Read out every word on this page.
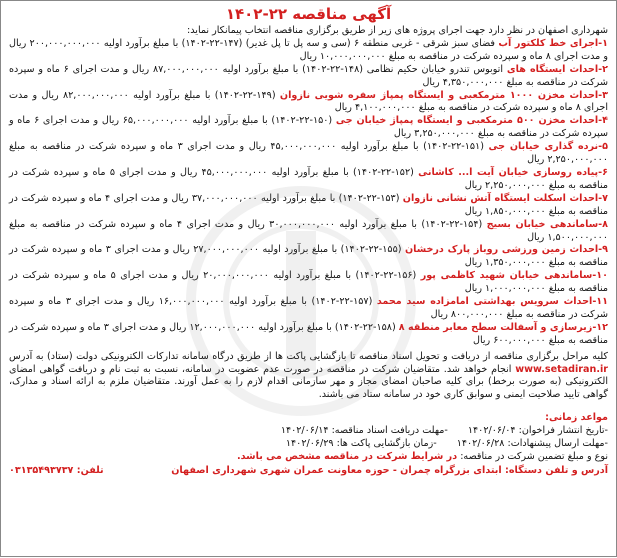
آگهی مناقصه ۲۲-۱۴۰۲

شهرداری اصفهان در نظر دارد جهت اجرای پروژه های زیر از طریق برگزاری مناقصه انتخاب پیمانکار نماید:

۱-اجرای خط کلکتور آب فضای سبز شرقی - غربی منطقه ۶ (سی و سه پل تا پل غدیر) (۱۴۷-۲۲-۱۴۰۲) با مبلغ برآورد اولیه ۲۰۰,۰۰۰,۰۰۰,۰۰۰ ریال و مدت اجرای ۸ ماه و سپرده شرکت در مناقصه به مبلغ ۱۰,۰۰۰,۰۰۰,۰۰۰ ریال

۲-احداث ایستگاه های اتوبوس تندرو خیابان حکیم نظامی (۱۴۸-۲۲-۱۴۰۲) با مبلغ برآورد اولیه ۸۷,۰۰۰,۰۰۰,۰۰۰ ریال و مدت اجرای ۶ ماه و سپرده شرکت در مناقصه به مبلغ ۴,۳۵۰,۰۰۰,۰۰۰ ریال

۳-احداث مخزن ۱۰۰۰ مترمکعبی و ایستگاه پمپاژ سفره شویی نازوان (۱۴۹-۲۲-۱۴۰۲) با مبلغ برآورد اولیه ۸۲,۰۰۰,۰۰۰,۰۰۰ ریال و مدت اجرای ۸ ماه و سپرده شرکت در مناقصه به مبلغ ۴,۱۰۰,۰۰۰,۰۰۰ ریال

۴-احداث مخزن ۵۰۰ مترمکعبی و ایستگاه پمپاژ خیابان جی (۱۵۰-۲۲-۱۴۰۲) با مبلغ برآورد اولیه ۶۵,۰۰۰,۰۰۰,۰۰۰ ریال و مدت اجرای ۶ ماه و سپرده شرکت در مناقصه به مبلغ ۳,۲۵۰,۰۰۰,۰۰۰ ریال

۵-نرده گذاری خیابان جی (۱۵۱-۲۲-۱۴۰۲) با مبلغ برآورد اولیه ۴۵,۰۰۰,۰۰۰,۰۰۰ ریال و مدت اجرای ۳ ماه و سپرده شرکت در مناقصه به مبلغ ۲,۲۵۰,۰۰۰,۰۰۰ ریال

۶-پیاده روسازی خیابان آیت ا... کاشانی (۱۵۲-۲۲-۱۴۰۲) با مبلغ برآورد اولیه ۴۵,۰۰۰,۰۰۰,۰۰۰ ریال و مدت اجرای ۵ ماه و سپرده شرکت در مناقصه به مبلغ ۲,۲۵۰,۰۰۰,۰۰۰ ریال

۷-احداث اسکلت ایستگاه آتش نشانی نازوان (۱۵۳-۲۲-۱۴۰۲) با مبلغ برآورد اولیه ۳۷,۰۰۰,۰۰۰,۰۰۰ ریال و مدت اجرای ۴ ماه و سپرده شرکت در مناقصه به مبلغ ۱,۸۵۰,۰۰۰,۰۰۰ ریال

۸-ساماندهی خیابان بسیج (۱۵۴-۲۲-۱۴۰۲) با مبلغ برآورد اولیه ۳۰,۰۰۰,۰۰۰,۰۰۰ ریال و مدت اجرای ۴ ماه و سپرده شرکت در مناقصه به مبلغ ۱,۵۰۰,۰۰۰,۰۰۰ ریال

۹-احداث زمین ورزشی روباز پارک درخشان (۱۵۵-۲۲-۱۴۰۲) با مبلغ برآورد اولیه ۲۷,۰۰۰,۰۰۰,۰۰۰ ریال و مدت اجرای ۳ ماه و سپرده شرکت در مناقصه به مبلغ ۱,۳۵۰,۰۰۰,۰۰۰ ریال

۱۰-ساماندهی خیابان شهید کاظمی پور (۱۵۶-۲۲-۱۴۰۲) با مبلغ برآورد اولیه ۲۰,۰۰۰,۰۰۰,۰۰۰ ریال و مدت اجرای ۵ ماه و سپرده شرکت در مناقصه به مبلغ ۱,۰۰۰,۰۰۰,۰۰۰ ریال

۱۱-احداث سرویس بهداشتی امامزاده سید محمد (۱۵۷-۲۲-۱۴۰۲) با مبلغ برآورد اولیه ۱۶,۰۰۰,۰۰۰,۰۰۰ ریال و مدت اجرای ۳ ماه و سپرده شرکت در مناقصه به مبلغ ۸۰۰,۰۰۰,۰۰۰ ریال

۱۲-زیرسازی و آسفالت سطح معابر منطقه ۸ (۱۵۸-۲۲-۱۴۰۲) با مبلغ برآورد اولیه ۱۲,۰۰۰,۰۰۰,۰۰۰ ریال و مدت اجرای ۳ ماه و سپرده شرکت در مناقصه به مبلغ ۶۰۰,۰۰۰,۰۰۰ ریال

کلیه مراحل برگزاری مناقصه از دریافت و تحویل اسناد مناقصه تا بازگشایی پاکت ها از طریق درگاه سامانه تدارکات الکترونیکی دولت (ستاد) به آدرس www.setadiran.ir انجام خواهد شد. متقاضیان شرکت در مناقصه در صورت عدم عضویت در سامانه، نسبت به ثبت نام و دریافت گواهی امضای الکترونیکی (به صورت برخط) برای کلیه صاحبان امضای مجاز و مهر سازمانی اقدام لازم را به عمل آورند. متقاضیان ملزم به ارائه اسناد و مدارک، گواهی تایید صلاحیت ایمنی و سوابق کاری خود در سامانه ستاد می باشند.

مواعد زمانی:
-تاریخ انتشار فراخوان: ۱۴۰۲/۰۶/۰۴
-مهلت دریافت اسناد مناقصه: ۱۴۰۲/۰۶/۱۴
-مهلت ارسال پیشنهادات: ۱۴۰۲/۰۶/۲۸
-زمان بازگشایی پاکت ها: ۱۴۰۲/۰۶/۲۹
نوع و مبلغ تضمین شرکت در مناقصه: در شرایط شرکت در مناقصه مشخص می باشد.
آدرس و تلفن دستگاه: ابتدای بزرگراه چمران - حوزه معاونت عمران شهری شهرداری اصفهان
تلفن: ۰۳۱۳۵۴۹۳۷۳۷
